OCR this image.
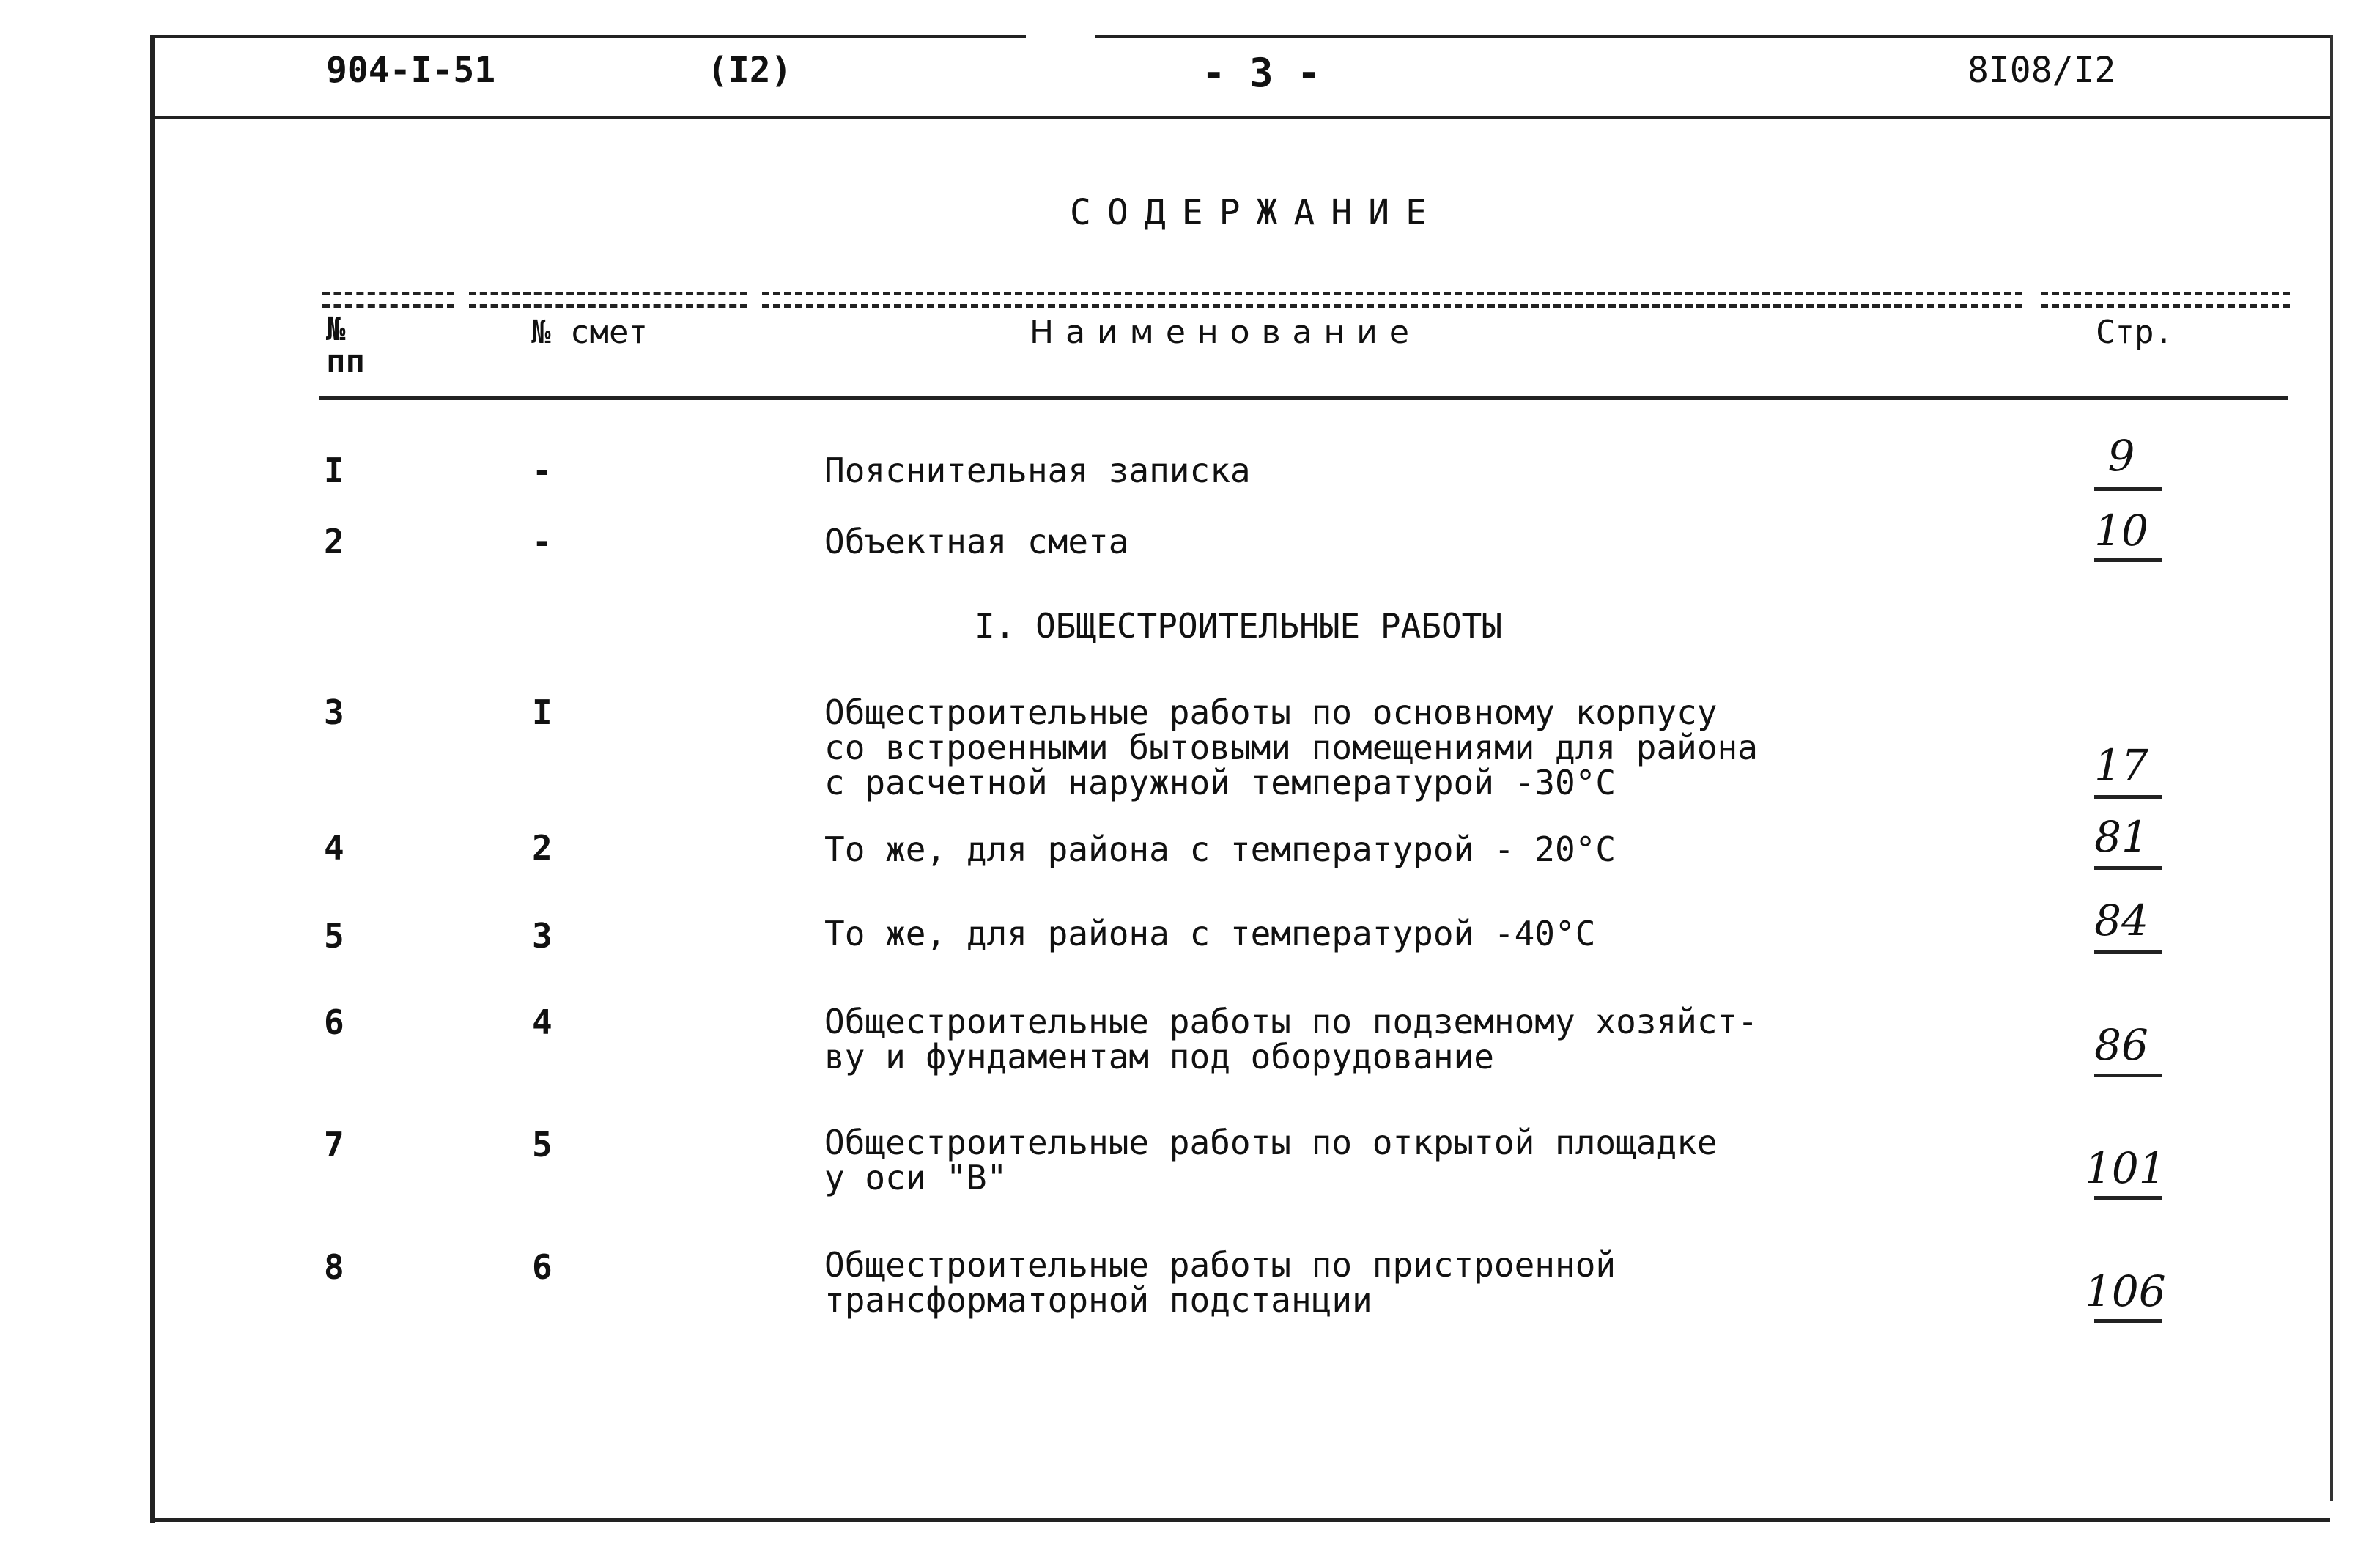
904-I-51	(I2)	- 3 -	8I08/I2
СОДЕРЖАНИЕ
№
пп
№ смет	Наименование	Стр.
I	-	Пояснительная записка	9
2	-	Объектная смета	10
I. ОБЩЕСТРОИТЕЛЬНЫЕ РАБОТЫ
3	I	Общестроительные работы по основному корпусу
со встроенными бытовыми помещениями для района
с расчетной наружной температурой -30°C	17
4	2	То же, для района с температурой - 20°C	81
5	3	То же, для района с температурой -40°C	84
6	4	Общестроительные работы по подземному хозяйст-
ву и фундаментам под оборудование	86
7	5	Общестроительные работы по открытой площадке
у оси "В"	101
8	6	Общестроительные работы по пристроенной
трансформаторной подстанции	106
